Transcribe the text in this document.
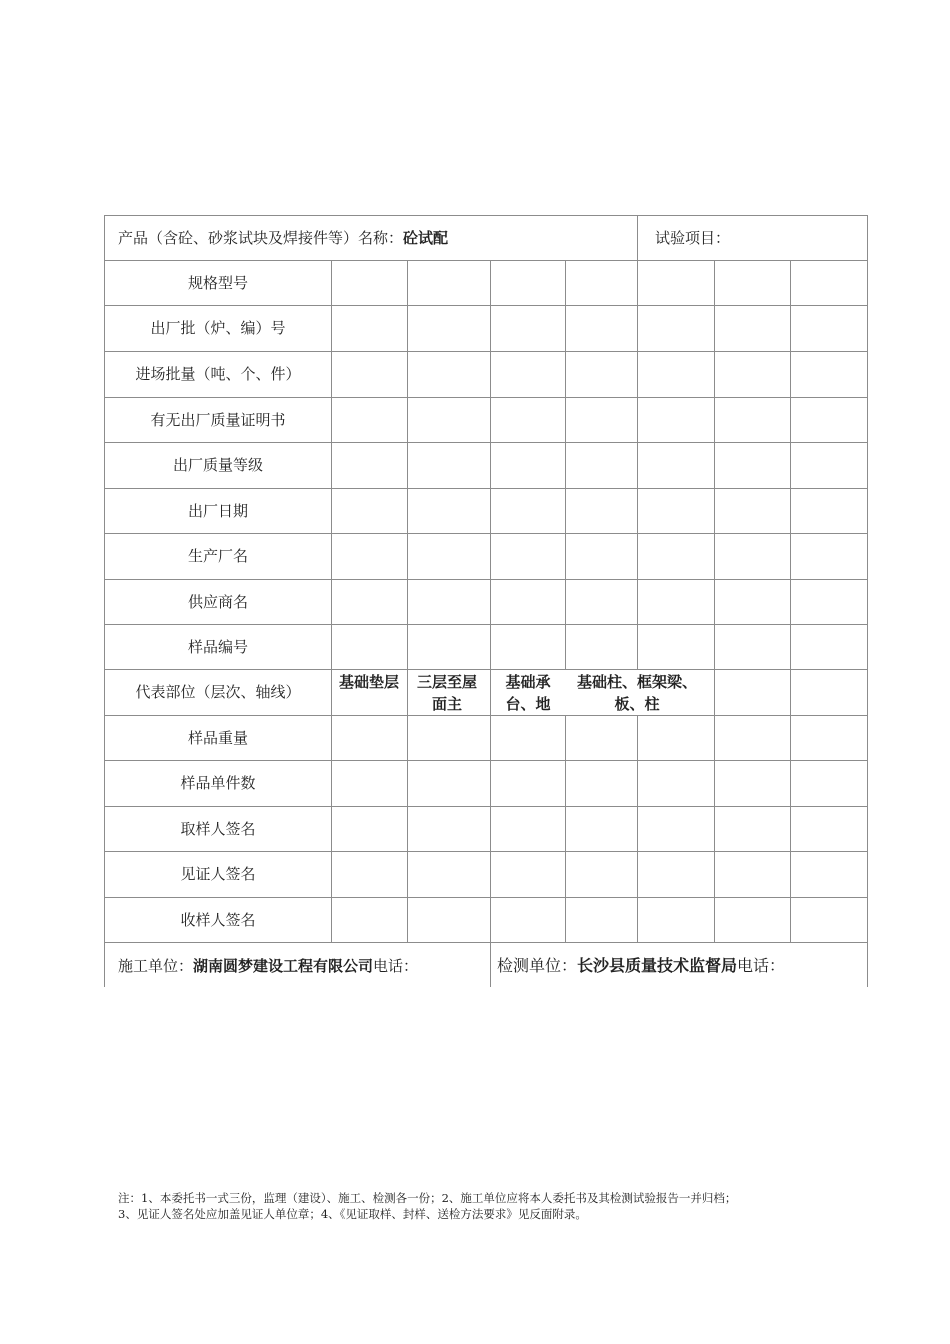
产品（含砼、砂浆试块及焊接件等）名称：砼试配	试验项目：
规格型号
出厂批（炉、编）号
进场批量（吨、个、件）
有无出厂质量证明书
出厂质量等级
出厂日期
生产厂名
供应商名
样品编号
代表部位（层次、轴线）
样品重量
样品单件数
取样人签名
见证人签名
收样人签名
基础垫层 三层至屋面主
基础承台、地
基础柱、框架梁、板、柱
施工单位：湖南圆梦建设工程有限公司电话：	检测单位：长沙县质量技术监督局电话：
注：1、本委托书一式三份，监理（建设）、施工、检测各一份；2、施工单位应将本人委托书及其检测试验报告一并归档；
3、见证人签名处应加盖见证人单位章；4、《见证取样、封样、送检方法要求》见反面附录。
